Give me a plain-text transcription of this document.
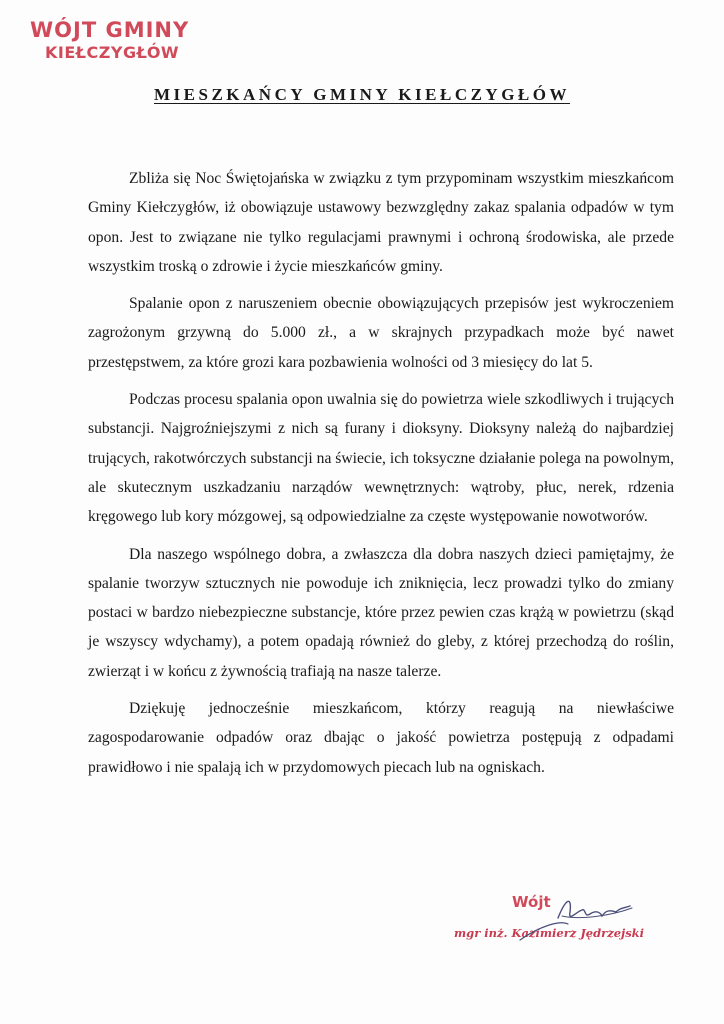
WÓJT GMINY
KIEŁCZYGŁÓW
MIESZKAŃCY GMINY KIEŁCZYGŁÓW

Zbliża się Noc Świętojańska w związku z tym przypominam wszystkim mieszkańcom Gminy Kiełczygłów, iż obowiązuje ustawowy bezwzględny zakaz spalania odpadów w tym opon. Jest to związane nie tylko regulacjami prawnymi i ochroną środowiska, ale przede wszystkim troską o zdrowie i życie mieszkańców gminy.

Spalanie opon z naruszeniem obecnie obowiązujących przepisów jest wykroczeniem zagrożonym grzywną do 5.000 zł., a w skrajnych przypadkach może być nawet przestępstwem, za które grozi kara pozbawienia wolności od 3 miesięcy do lat 5.

Podczas procesu spalania opon uwalnia się do powietrza wiele szkodliwych i trujących substancji. Najgroźniejszymi z nich są furany i dioksyny. Dioksyny należą do najbardziej trujących, rakotwórczych substancji na świecie, ich toksyczne działanie polega na powolnym, ale skutecznym uszkadzaniu narządów wewnętrznych: wątroby, płuc, nerek, rdzenia kręgowego lub kory mózgowej, są odpowiedzialne za częste występowanie nowotworów.

Dla naszego wspólnego dobra, a zwłaszcza dla dobra naszych dzieci pamiętajmy, że spalanie tworzyw sztucznych nie powoduje ich zniknięcia, lecz prowadzi tylko do zmiany postaci w bardzo niebezpieczne substancje, które przez pewien czas krążą w powietrzu (skąd je wszyscy wdychamy), a potem opadają również do gleby, z której przechodzą do roślin, zwierząt i w końcu z żywnością trafiają na nasze talerze.

Dziękuję jednocześnie mieszkańcom, którzy reagują na niewłaściwe zagospodarowanie odpadów oraz dbając o jakość powietrza postępują z odpadami prawidłowo i nie spalają ich w przydomowych piecach lub na ogniskach.

Wójt
mgr inż. Kazimierz Jędrzejski
